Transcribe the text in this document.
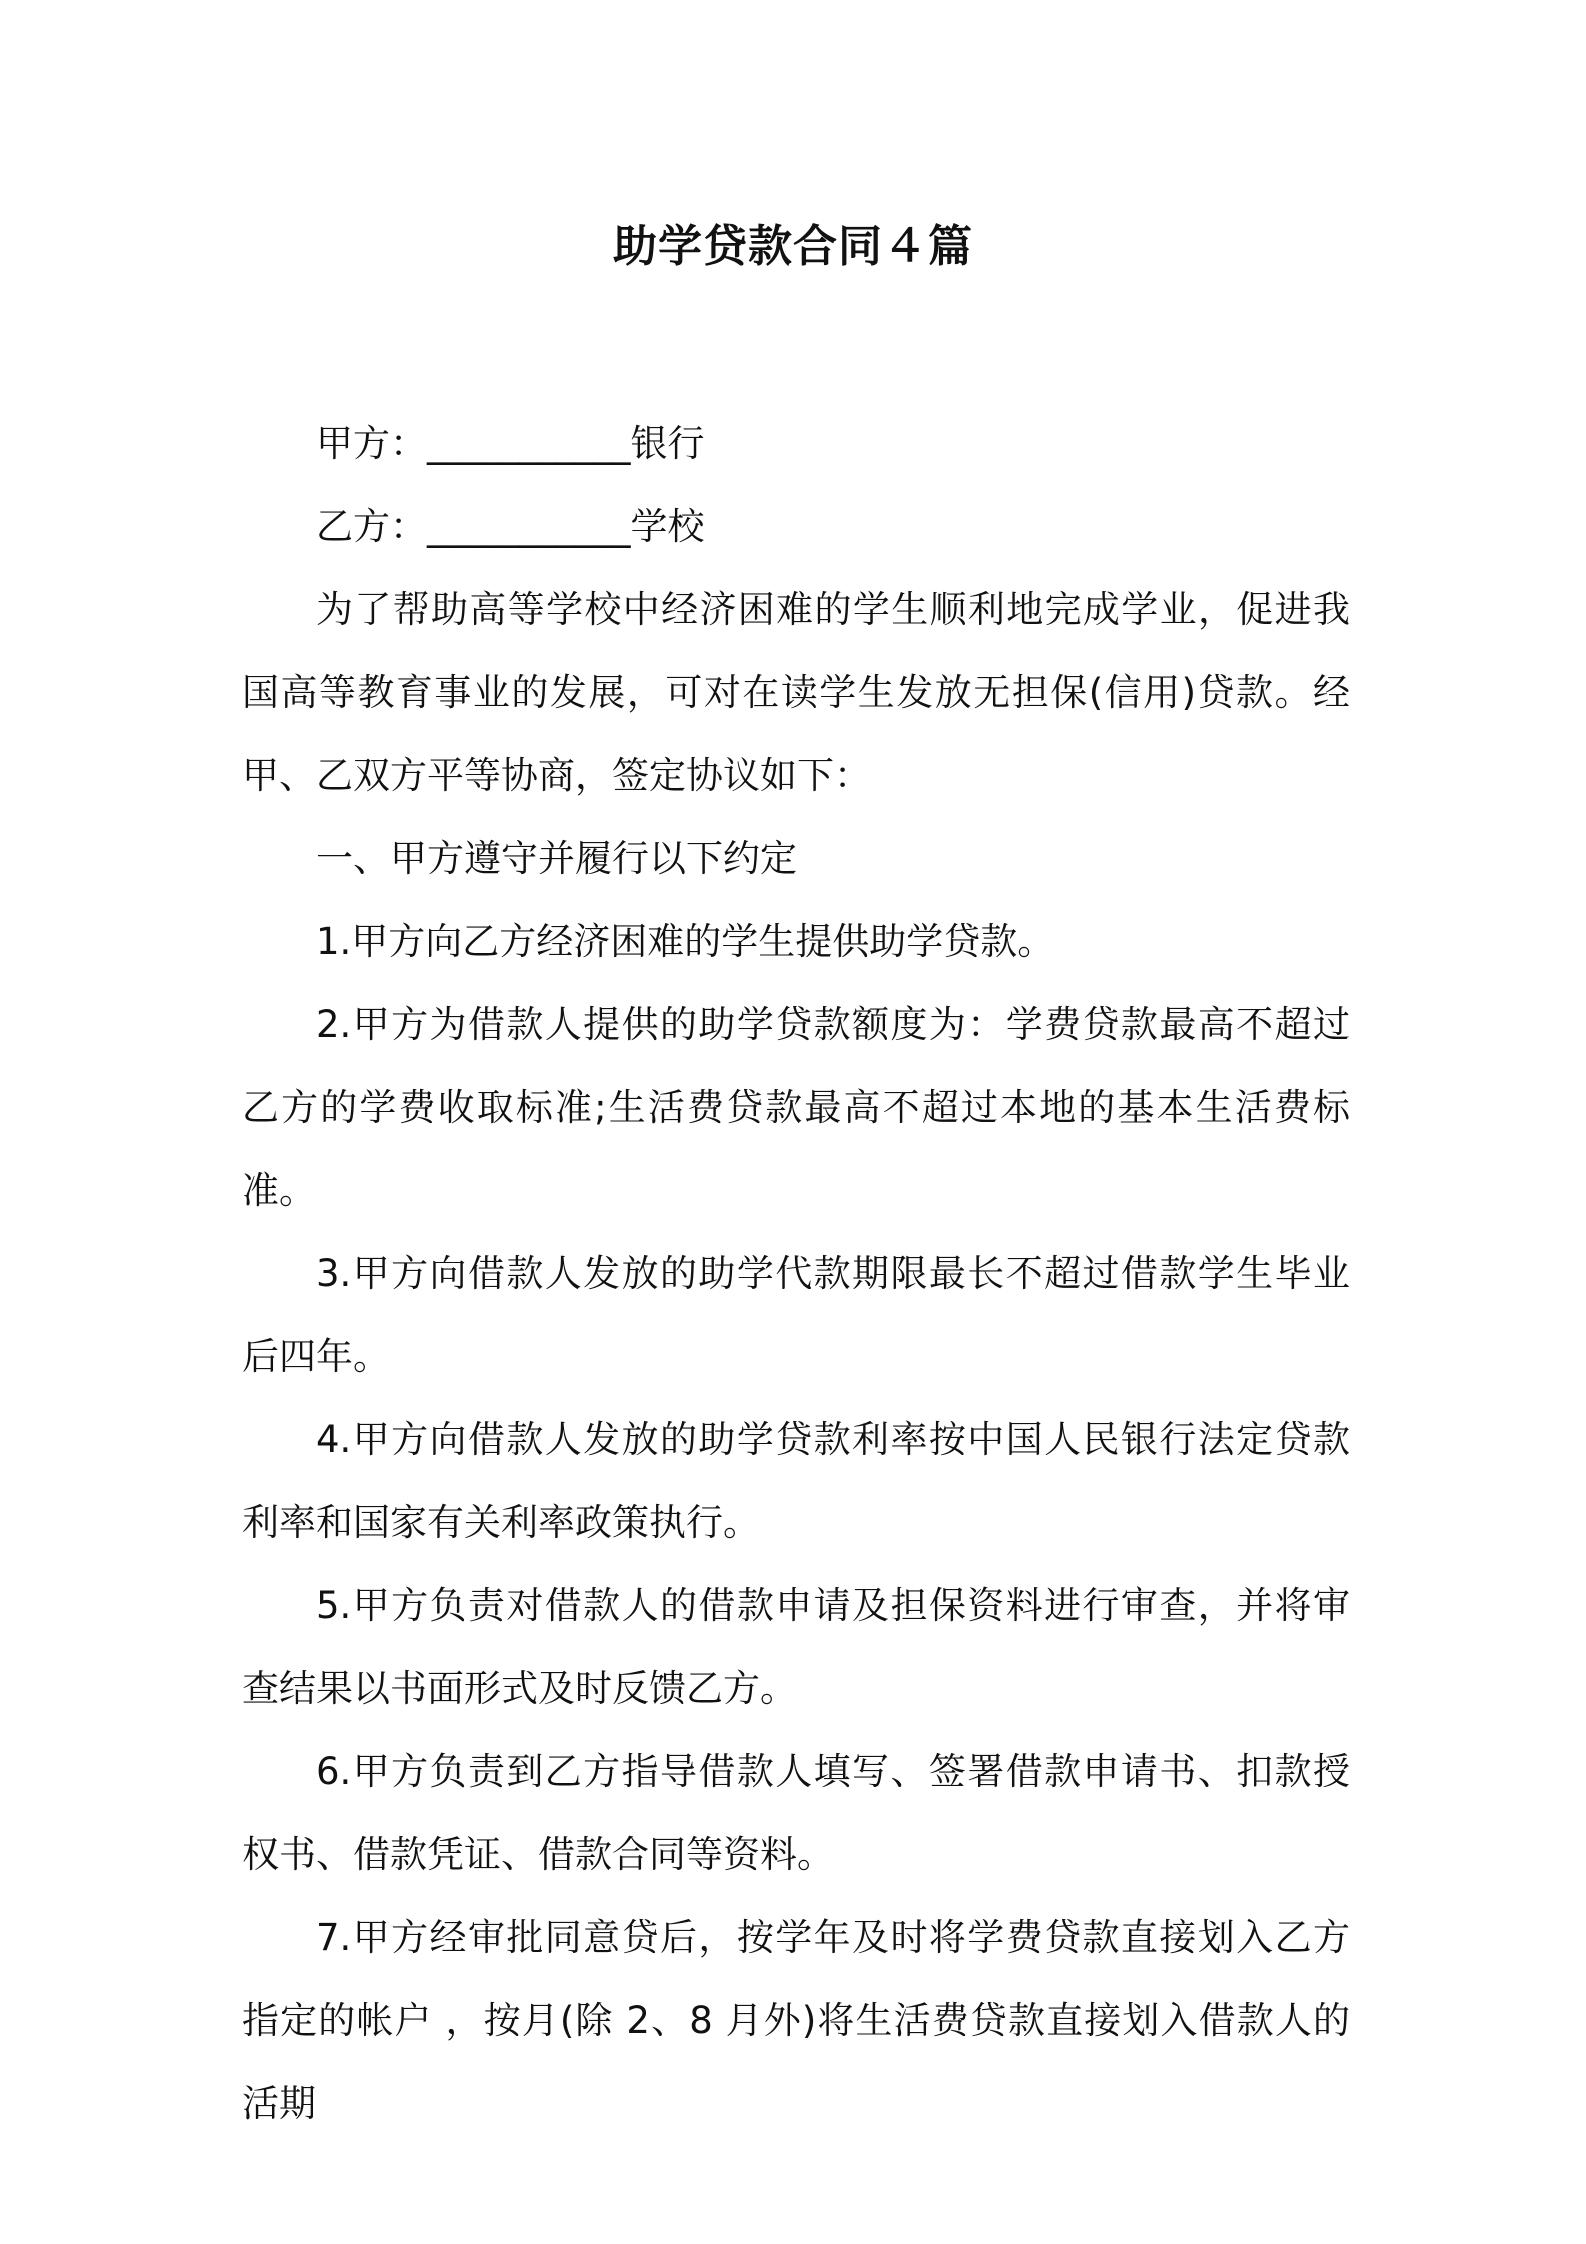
助学贷款合同４篇

甲方：___________银行

乙方：___________学校

为了帮助高等学校中经济困难的学生顺利地完成学业，促进我国高等教育事业的发展，可对在读学生发放无担保(信用)贷款。经甲、乙双方平等协商，签定协议如下：

一、甲方遵守并履行以下约定

1.甲方向乙方经济困难的学生提供助学贷款。

2.甲方为借款人提供的助学贷款额度为：学费贷款最高不超过乙方的学费收取标准;生活费贷款最高不超过本地的基本生活费标准。

3.甲方向借款人发放的助学代款期限最长不超过借款学生毕业后四年。

4.甲方向借款人发放的助学贷款利率按中国人民银行法定贷款利率和国家有关利率政策执行。

5.甲方负责对借款人的借款申请及担保资料进行审查，并将审查结果以书面形式及时反馈乙方。

6.甲方负责到乙方指导借款人填写、签署借款申请书、扣款授权书、借款凭证、借款合同等资料。

7.甲方经审批同意贷后，按学年及时将学费贷款直接划入乙方指定的帐户 ，按月(除 2、8 月外)将生活费贷款直接划入借款人的活期
